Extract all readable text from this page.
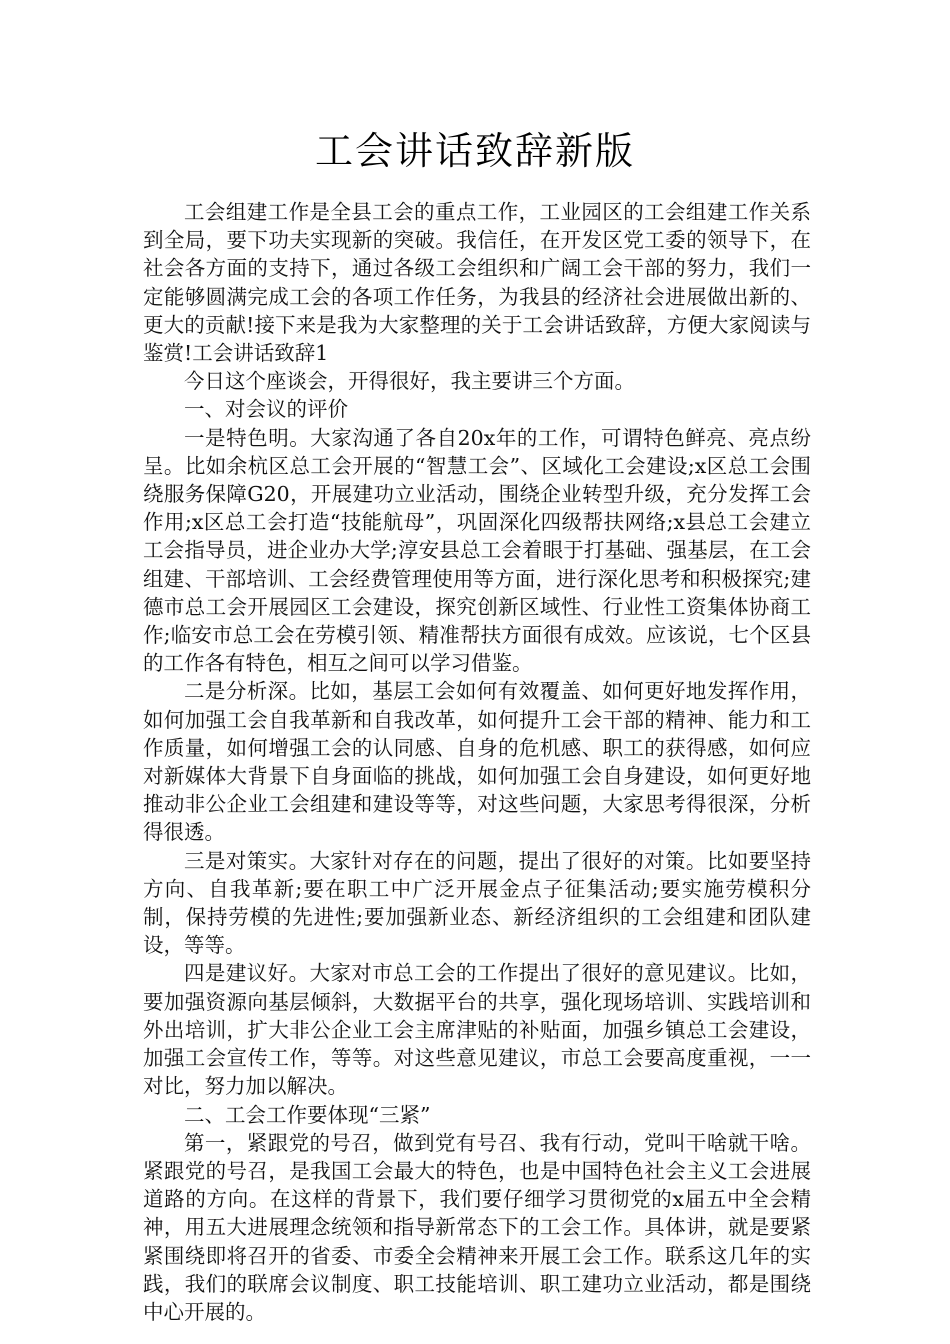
工会讲话致辞新版

工会组建工作是全县工会的重点工作，工业园区的工会组建工作关系到全局，要下功夫实现新的突破。我信任，在开发区党工委的领导下，在社会各方面的支持下，通过各级工会组织和广阔工会干部的努力，我们一定能够圆满完成工会的各项工作任务，为我县的经济社会进展做出新的、更大的贡献!接下来是我为大家整理的关于工会讲话致辞，方便大家阅读与鉴赏!工会讲话致辞1

今日这个座谈会，开得很好，我主要讲三个方面。

一、对会议的评价

一是特色明。大家沟通了各自20x年的工作，可谓特色鲜亮、亮点纷呈。比如余杭区总工会开展的“智慧工会”、区域化工会建设;x区总工会围绕服务保障G20，开展建功立业活动，围绕企业转型升级，充分发挥工会作用;x区总工会打造“技能航母”，巩固深化四级帮扶网络;x县总工会建立工会指导员，进企业办大学;淳安县总工会着眼于打基础、强基层，在工会组建、干部培训、工会经费管理使用等方面，进行深化思考和积极探究;建德市总工会开展园区工会建设，探究创新区域性、行业性工资集体协商工作;临安市总工会在劳模引领、精准帮扶方面很有成效。应该说，七个区县的工作各有特色，相互之间可以学习借鉴。

二是分析深。比如，基层工会如何有效覆盖、如何更好地发挥作用，如何加强工会自我革新和自我改革，如何提升工会干部的精神、能力和工作质量，如何增强工会的认同感、自身的危机感、职工的获得感，如何应对新媒体大背景下自身面临的挑战，如何加强工会自身建设，如何更好地推动非公企业工会组建和建设等等，对这些问题，大家思考得很深，分析得很透。

三是对策实。大家针对存在的问题，提出了很好的对策。比如要坚持方向、自我革新;要在职工中广泛开展金点子征集活动;要实施劳模积分制，保持劳模的先进性;要加强新业态、新经济组织的工会组建和团队建设，等等。

四是建议好。大家对市总工会的工作提出了很好的意见建议。比如，要加强资源向基层倾斜，大数据平台的共享，强化现场培训、实践培训和外出培训，扩大非公企业工会主席津贴的补贴面，加强乡镇总工会建设，加强工会宣传工作，等等。对这些意见建议，市总工会要高度重视，一一对比，努力加以解决。

二、工会工作要体现“三紧”

第一，紧跟党的号召，做到党有号召、我有行动，党叫干啥就干啥。紧跟党的号召，是我国工会最大的特色，也是中国特色社会主义工会进展道路的方向。在这样的背景下，我们要仔细学习贯彻党的x届五中全会精神，用五大进展理念统领和指导新常态下的工会工作。具体讲，就是要紧紧围绕即将召开的省委、市委全会精神来开展工会工作。联系这几年的实践，我们的联席会议制度、职工技能培训、职工建功立业活动，都是围绕中心开展的。
